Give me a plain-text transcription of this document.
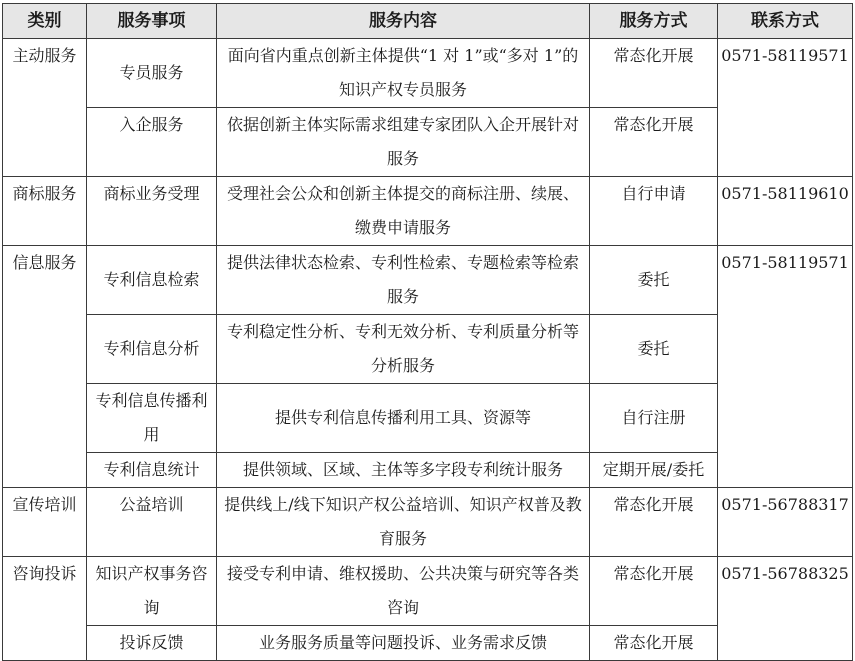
类别	服务事项	服务内容	服务方式	联系方式
主动服务	专员服务	面向省内重点创新主体提供“1 对 1”或“多对 1”的知识产权专员服务	常态化开展	0571-58119571
	入企服务	依据创新主体实际需求组建专家团队入企开展针对服务	常态化开展	
商标服务	商标业务受理	受理社会公众和创新主体提交的商标注册、续展、缴费申请服务	自行申请	0571-58119610
信息服务	专利信息检索	提供法律状态检索、专利性检索、专题检索等检索服务	委托	0571-58119571
	专利信息分析	专利稳定性分析、专利无效分析、专利质量分析等分析服务	委托	
	专利信息传播利用	提供专利信息传播利用工具、资源等	自行注册	
	专利信息统计	提供领域、区域、主体等多字段专利统计服务	定期开展/委托	
宣传培训	公益培训	提供线上/线下知识产权公益培训、知识产权普及教育服务	常态化开展	0571-56788317
咨询投诉	知识产权事务咨询	接受专利申请、维权援助、公共决策与研究等各类咨询	常态化开展	0571-56788325
	投诉反馈	业务服务质量等问题投诉、业务需求反馈	常态化开展	
